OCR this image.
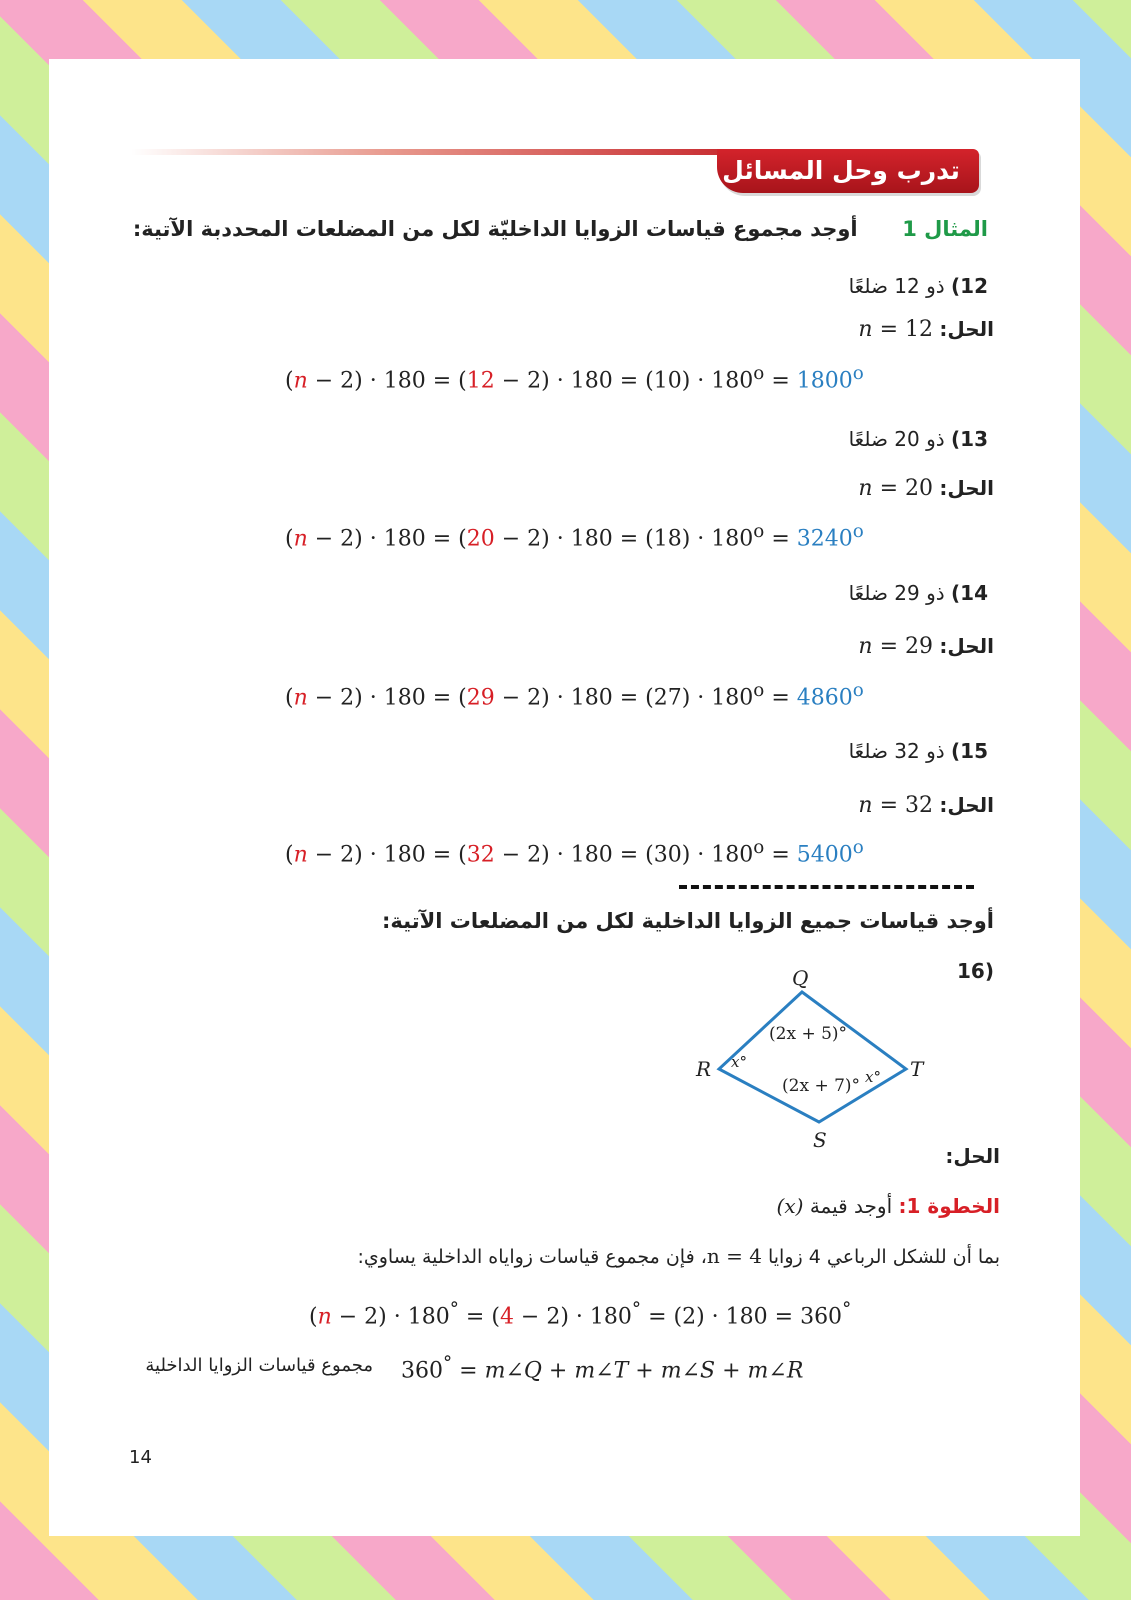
تدرب وحل المسائل
المثال 1  أوجد مجموع قياسات الزوايا الداخليّة لكل من المضلعات المحددبة الآتية:
12) ذو 12 ضلعًا
الحل: n = 12
$(n - 2) \cdot 180 = (12 - 2) \cdot 180 = (10) \cdot 180^o = 1800^o$
13) ذو 20 ضلعًا
الحل: n = 20
$(n - 2) \cdot 180 = (20 - 2) \cdot 180 = (18) \cdot 180^o = 3240^o$
14) ذو 29 ضلعًا
الحل: n = 29
$(n - 2) \cdot 180 = (29 - 2) \cdot 180 = (27) \cdot 180^o = 4860^o$
15) ذو 32 ضلعًا
الحل: n = 32
$(n - 2) \cdot 180 = (32 - 2) \cdot 180 = (30) \cdot 180^o = 5400^o$
أوجد قياسات جميع الزوايا الداخلية لكل من المضلعات الآتية:
(16
Q
R
S
T
(2x + 5)°
(2x + 7)°
x°
x°
الحل:
الخطوة 1: أوجد قيمة (x)
بما أن للشكل الرباعي 4 زوايا n = 4، فإن مجموع قياسات زواياه الداخلية يساوي:
(n − 2) · 180° = (4 − 2) · 180° = (2) · 180 = 360°
360° = m∠Q + m∠T + m∠S + m∠R
مجموع قياسات الزوايا الداخلية
14
